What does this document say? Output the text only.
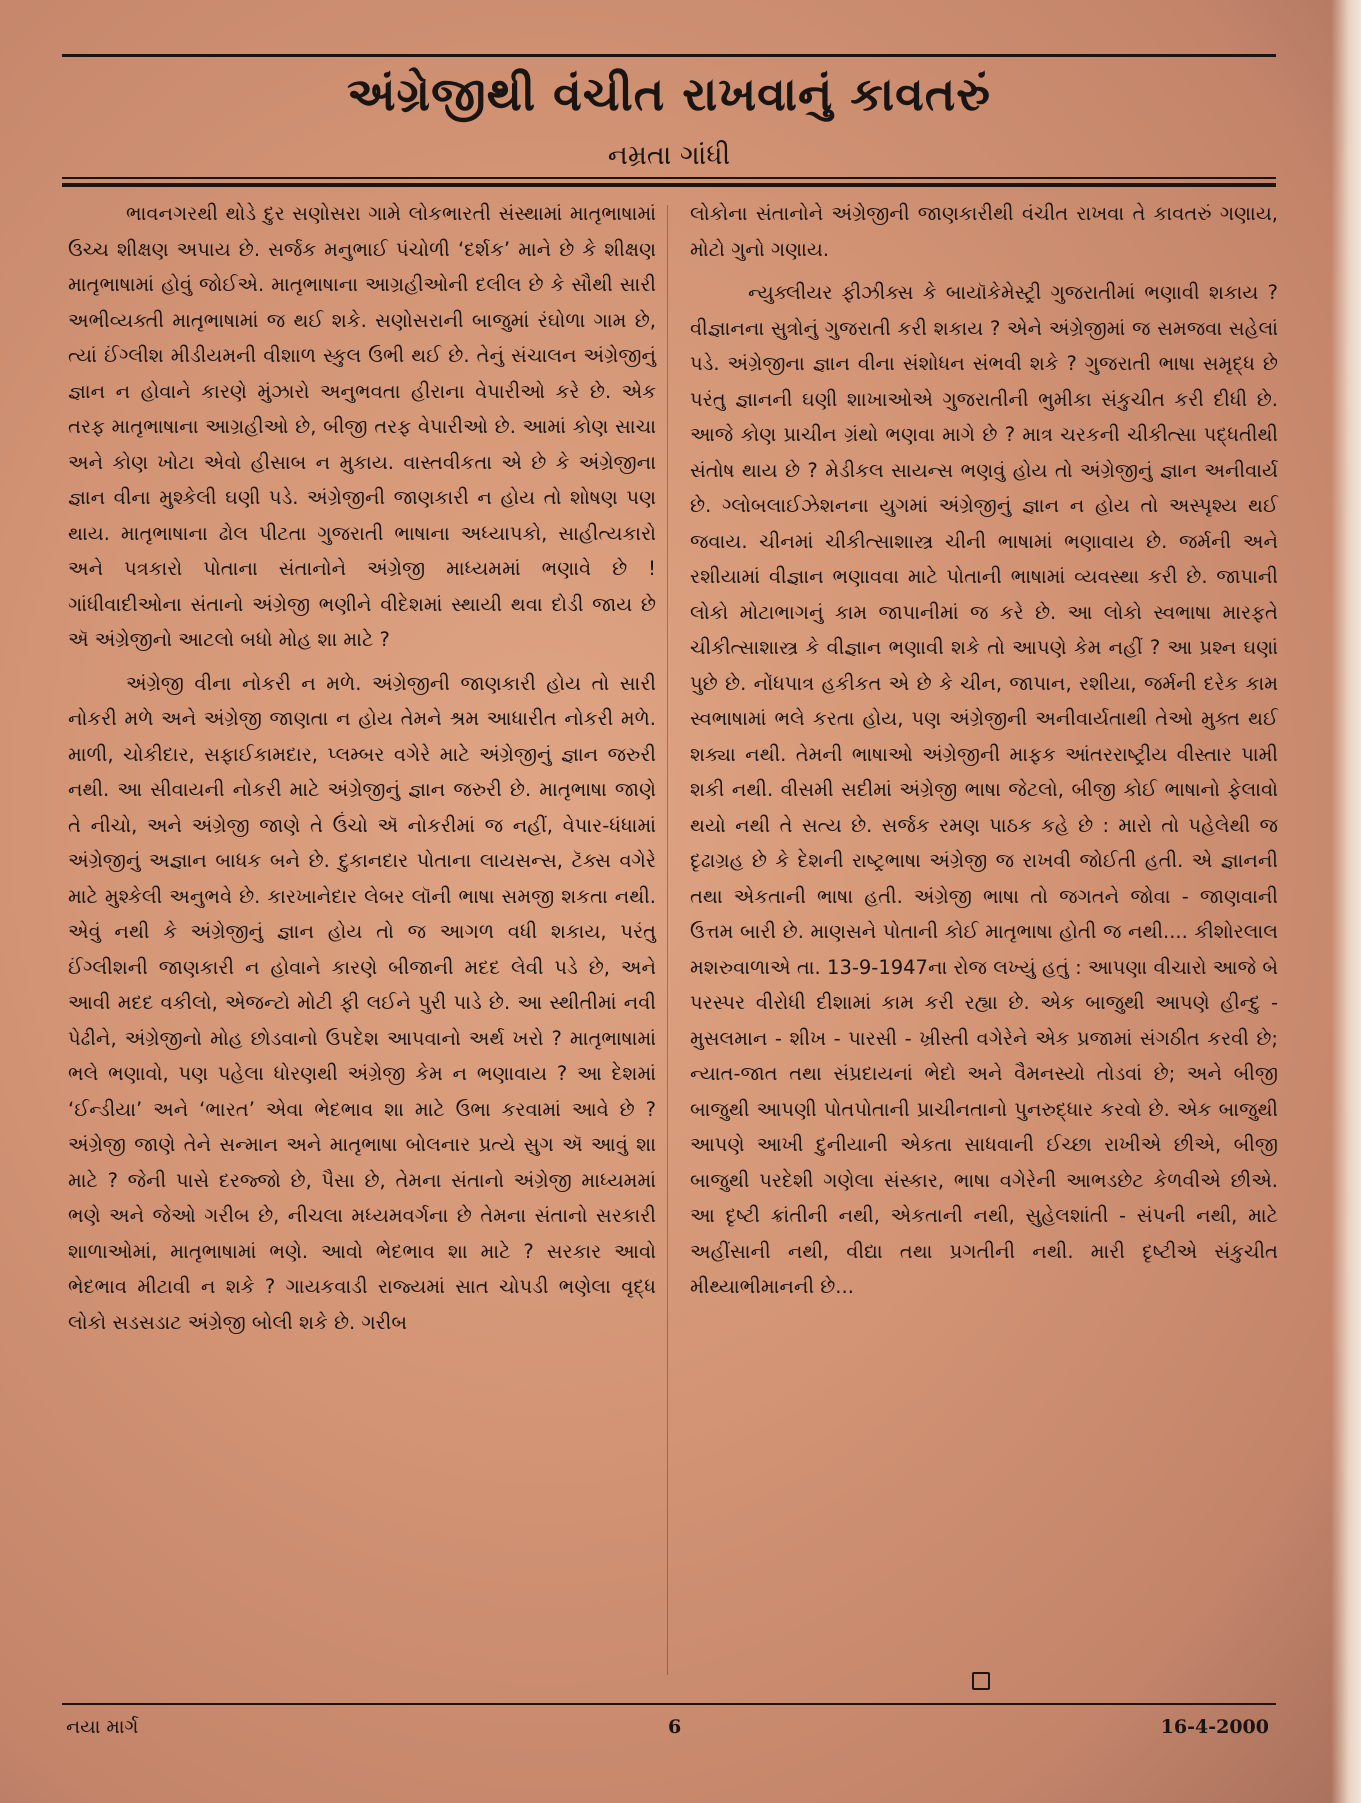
અંગ્રેજીથી વંચીત રાખવાનું કાવતરું
નમ્રતા ગાંધી

ભાવનગરથી થોડે દુર સણોસરા ગામે લોકભારતી સંસ્થામાં માતૃભાષામાં ઉચ્ચ શીક્ષણ અપાય છે. સર્જક મનુભાઈ પંચોળી ‘દર્શક’ માને છે કે શીક્ષણ માતૃભાષામાં હોવું જોઈએ. માતૃભાષાના આગ્રહીઓની દલીલ છે કે સૌથી સારી અભીવ્યક્તી માતૃભાષામાં જ થઈ શકે. સણોસરાની બાજુમાં રંઘોળા ગામ છે, ત્યાં ઈંગ્લીશ મીડીયમની વીશાળ સ્કુલ ઉભી થઈ છે. તેનું સંચાલન અંગ્રેજીનું જ્ઞાન ન હોવાને કારણે મુંઝારો અનુભવતા હીરાના વેપારીઓ કરે છે. એક તરફ માતૃભાષાના આગ્રહીઓ છે, બીજી તરફ વેપારીઓ છે. આમાં કોણ સાચા અને કોણ ખોટા એવો હીસાબ ન મુકાય. વાસ્તવીકતા એ છે કે અંગ્રેજીના જ્ઞાન વીના મુશ્કેલી ઘણી પડે. અંગ્રેજીની જાણકારી ન હોય તો શોષણ પણ થાય. માતૃભાષાના ઢોલ પીટતા ગુજરાતી ભાષાના અધ્યાપકો, સાહીત્યકારો અને પત્રકારો પોતાના સંતાનોને અંગ્રેજી માધ્યમમાં ભણાવે છે ! ગાંધીવાદીઓના સંતાનો અંગ્રેજી ભણીને વીદેશમાં સ્થાયી થવા દોડી જાય છે ઍ અંગ્રેજીનો આટલો બધો મોહ શા માટે ?

અંગ્રેજી વીના નોકરી ન મળે. અંગ્રેજીની જાણકારી હોય તો સારી નોકરી મળે અને અંગ્રેજી જાણતા ન હોય તેમને શ્રમ આધારીત નોકરી મળે. માળી, ચોકીદાર, સફાઈકામદાર, પ્લમ્બર વગેરે માટે અંગ્રેજીનું જ્ઞાન જરુરી નથી. આ સીવાયની નોકરી માટે અંગ્રેજીનું જ્ઞાન જરુરી છે. માતૃભાષા જાણે તે નીચો, અને અંગ્રેજી જાણે તે ઉંચો ઍ નોકરીમાં જ નહીં, વેપાર-ધંધામાં અંગ્રેજીનું અજ્ઞાન બાધક બને છે. દુકાનદાર પોતાના લાયસન્સ, ટૅક્સ વગેરે માટે મુશ્કેલી અનુભવે છે. કારખાનેદાર લેબર લૉની ભાષા સમજી શકતા નથી. એવું નથી કે અંગ્રેજીનું જ્ઞાન હોય તો જ આગળ વધી શકાય, પરંતુ ઈંગ્લીશની જાણકારી ન હોવાને કારણે બીજાની મદદ લેવી પડે છે, અને આવી મદદ વકીલો, એજન્ટો મોટી ફી લઈને પુરી પાડે છે. આ સ્થીતીમાં નવી પેઢીને, અંગ્રેજીનો મોહ છોડવાનો ઉપદેશ આપવાનો અર્થ ખરો ? માતૃભાષામાં ભલે ભણાવો, પણ પહેલા ધોરણથી અંગ્રેજી કેમ ન ભણાવાય ? આ દેશમાં ‘ઈન્ડીયા’ અને ‘ભારત’ એવા ભેદભાવ શા માટે ઉભા કરવામાં આવે છે ? અંગ્રેજી જાણે તેને સન્માન અને માતૃભાષા બોલનાર પ્રત્યે સુગ ઍ આવું શા માટે ? જેની પાસે દરજ્જો છે, પૈસા છે, તેમના સંતાનો અંગ્રેજી માધ્યમમાં ભણે અને જેઓ ગરીબ છે, નીચલા મધ્યમવર્ગના છે તેમના સંતાનો સરકારી શાળાઓમાં, માતૃભાષામાં ભણે. આવો ભેદભાવ શા માટે ? સરકાર આવો ભેદભાવ મીટાવી ન શકે ? ગાયકવાડી રાજ્યમાં સાત ચોપડી ભણેલા વૃદ્ધ લોકો સડસડાટ અંગ્રેજી બોલી શકે છે. ગરીબ

લોકોના સંતાનોને અંગ્રેજીની જાણકારીથી વંચીત રાખવા તે કાવતરું ગણાય, મોટો ગુનો ગણાય.

ન્યુક્લીયર ફીઝીક્સ કે બાયૉકેમેસ્ટ્રી ગુજરાતીમાં ભણાવી શકાય ? વીજ્ઞાનના સુત્રોનું ગુજરાતી કરી શકાય ? એને અંગ્રેજીમાં જ સમજવા સહેલાં પડે. અંગ્રેજીના જ્ઞાન વીના સંશોધન સંભવી શકે ? ગુજરાતી ભાષા સમૃદ્ધ છે પરંતુ જ્ઞાનની ઘણી શાખાઓએ ગુજરાતીની ભુમીકા સંકુચીત કરી દીધી છે. આજે કોણ પ્રાચીન ગ્રંથો ભણવા માગે છે ? માત્ર ચરકની ચીકીત્સા પદ્ધતીથી સંતોષ થાય છે ? મેડીકલ સાયન્સ ભણવું હોય તો અંગ્રેજીનું જ્ઞાન અનીવાર્ય છે. ગ્લોબલાઈઝેશનના યુગમાં અંગ્રેજીનું જ્ઞાન ન હોય તો અસ્પૃશ્ય થઈ જવાય. ચીનમાં ચીકીત્સાશાસ્ત્ર ચીની ભાષામાં ભણાવાય છે. જર્મની અને રશીયામાં વીજ્ઞાન ભણાવવા માટે પોતાની ભાષામાં વ્યવસ્થા કરી છે. જાપાની લોકો મોટાભાગનું કામ જાપાનીમાં જ કરે છે. આ લોકો સ્વભાષા મારફતે ચીકીત્સાશાસ્ત્ર કે વીજ્ઞાન ભણાવી શકે તો આપણે કેમ નહીં ? આ પ્રશ્ન ઘણાં પુછે છે. નોંધપાત્ર હકીકત એ છે કે ચીન, જાપાન, રશીયા, જર્મની દરેક કામ સ્વભાષામાં ભલે કરતા હોય, પણ અંગ્રેજીની અનીવાર્યતાથી તેઓ મુક્ત થઈ શક્યા નથી. તેમની ભાષાઓ અંગ્રેજીની માફક આંતરરાષ્ટ્રીય વીસ્તાર પામી શકી નથી. વીસમી સદીમાં અંગ્રેજી ભાષા જેટલો, બીજી કોઈ ભાષાનો ફેલાવો થયો નથી તે સત્ય છે. સર્જક રમણ પાઠક કહે છે : મારો તો પહેલેથી જ દૃઢાગ્રહ છે કે દેશની રાષ્ટ્રભાષા અંગ્રેજી જ રાખવી જોઈતી હતી. એ જ્ઞાનની તથા એકતાની ભાષા હતી. અંગ્રેજી ભાષા તો જગતને જોવા - જાણવાની ઉત્તમ બારી છે. માણસને પોતાની કોઈ માતૃભાષા હોતી જ નથી.... કીશોરલાલ મશરુવાળાએ તા. 13-9-1947ના રોજ લખ્યું હતું : આપણા વીચારો આજે બે પરસ્પર વીરોધી દીશામાં કામ કરી રહ્યા છે. એક બાજુથી આપણે હીન્દુ - મુસલમાન - શીખ - પારસી - ખ્રીસ્તી વગેરેને એક પ્રજામાં સંગઠીત કરવી છે; ન્યાત-જાત તથા સંપ્રદાયનાં ભેદો અને વૈમનસ્યો તોડવાં છે; અને બીજી બાજુથી આપણી પોતપોતાની પ્રાચીનતાનો પુનરુદ્ધાર કરવો છે. એક બાજુથી આપણે આખી દુનીયાની એકતા સાધવાની ઈચ્છા રાખીએ છીએ, બીજી બાજુથી પરદેશી ગણેલા સંસ્કાર, ભાષા વગેરેની આભડછેટ કેળવીએ છીએ. આ દૃષ્ટી ક્રાંતીની નથી, એકતાની નથી, સુહેલશાંતી - સંપની નથી, માટે અહીંસાની નથી, વીદ્યા તથા પ્રગતીની નથી. મારી દૃષ્ટીએ સંકુચીત મીથ્યાભીમાનની છે...

નયા માર્ગ	6	16-4-2000
